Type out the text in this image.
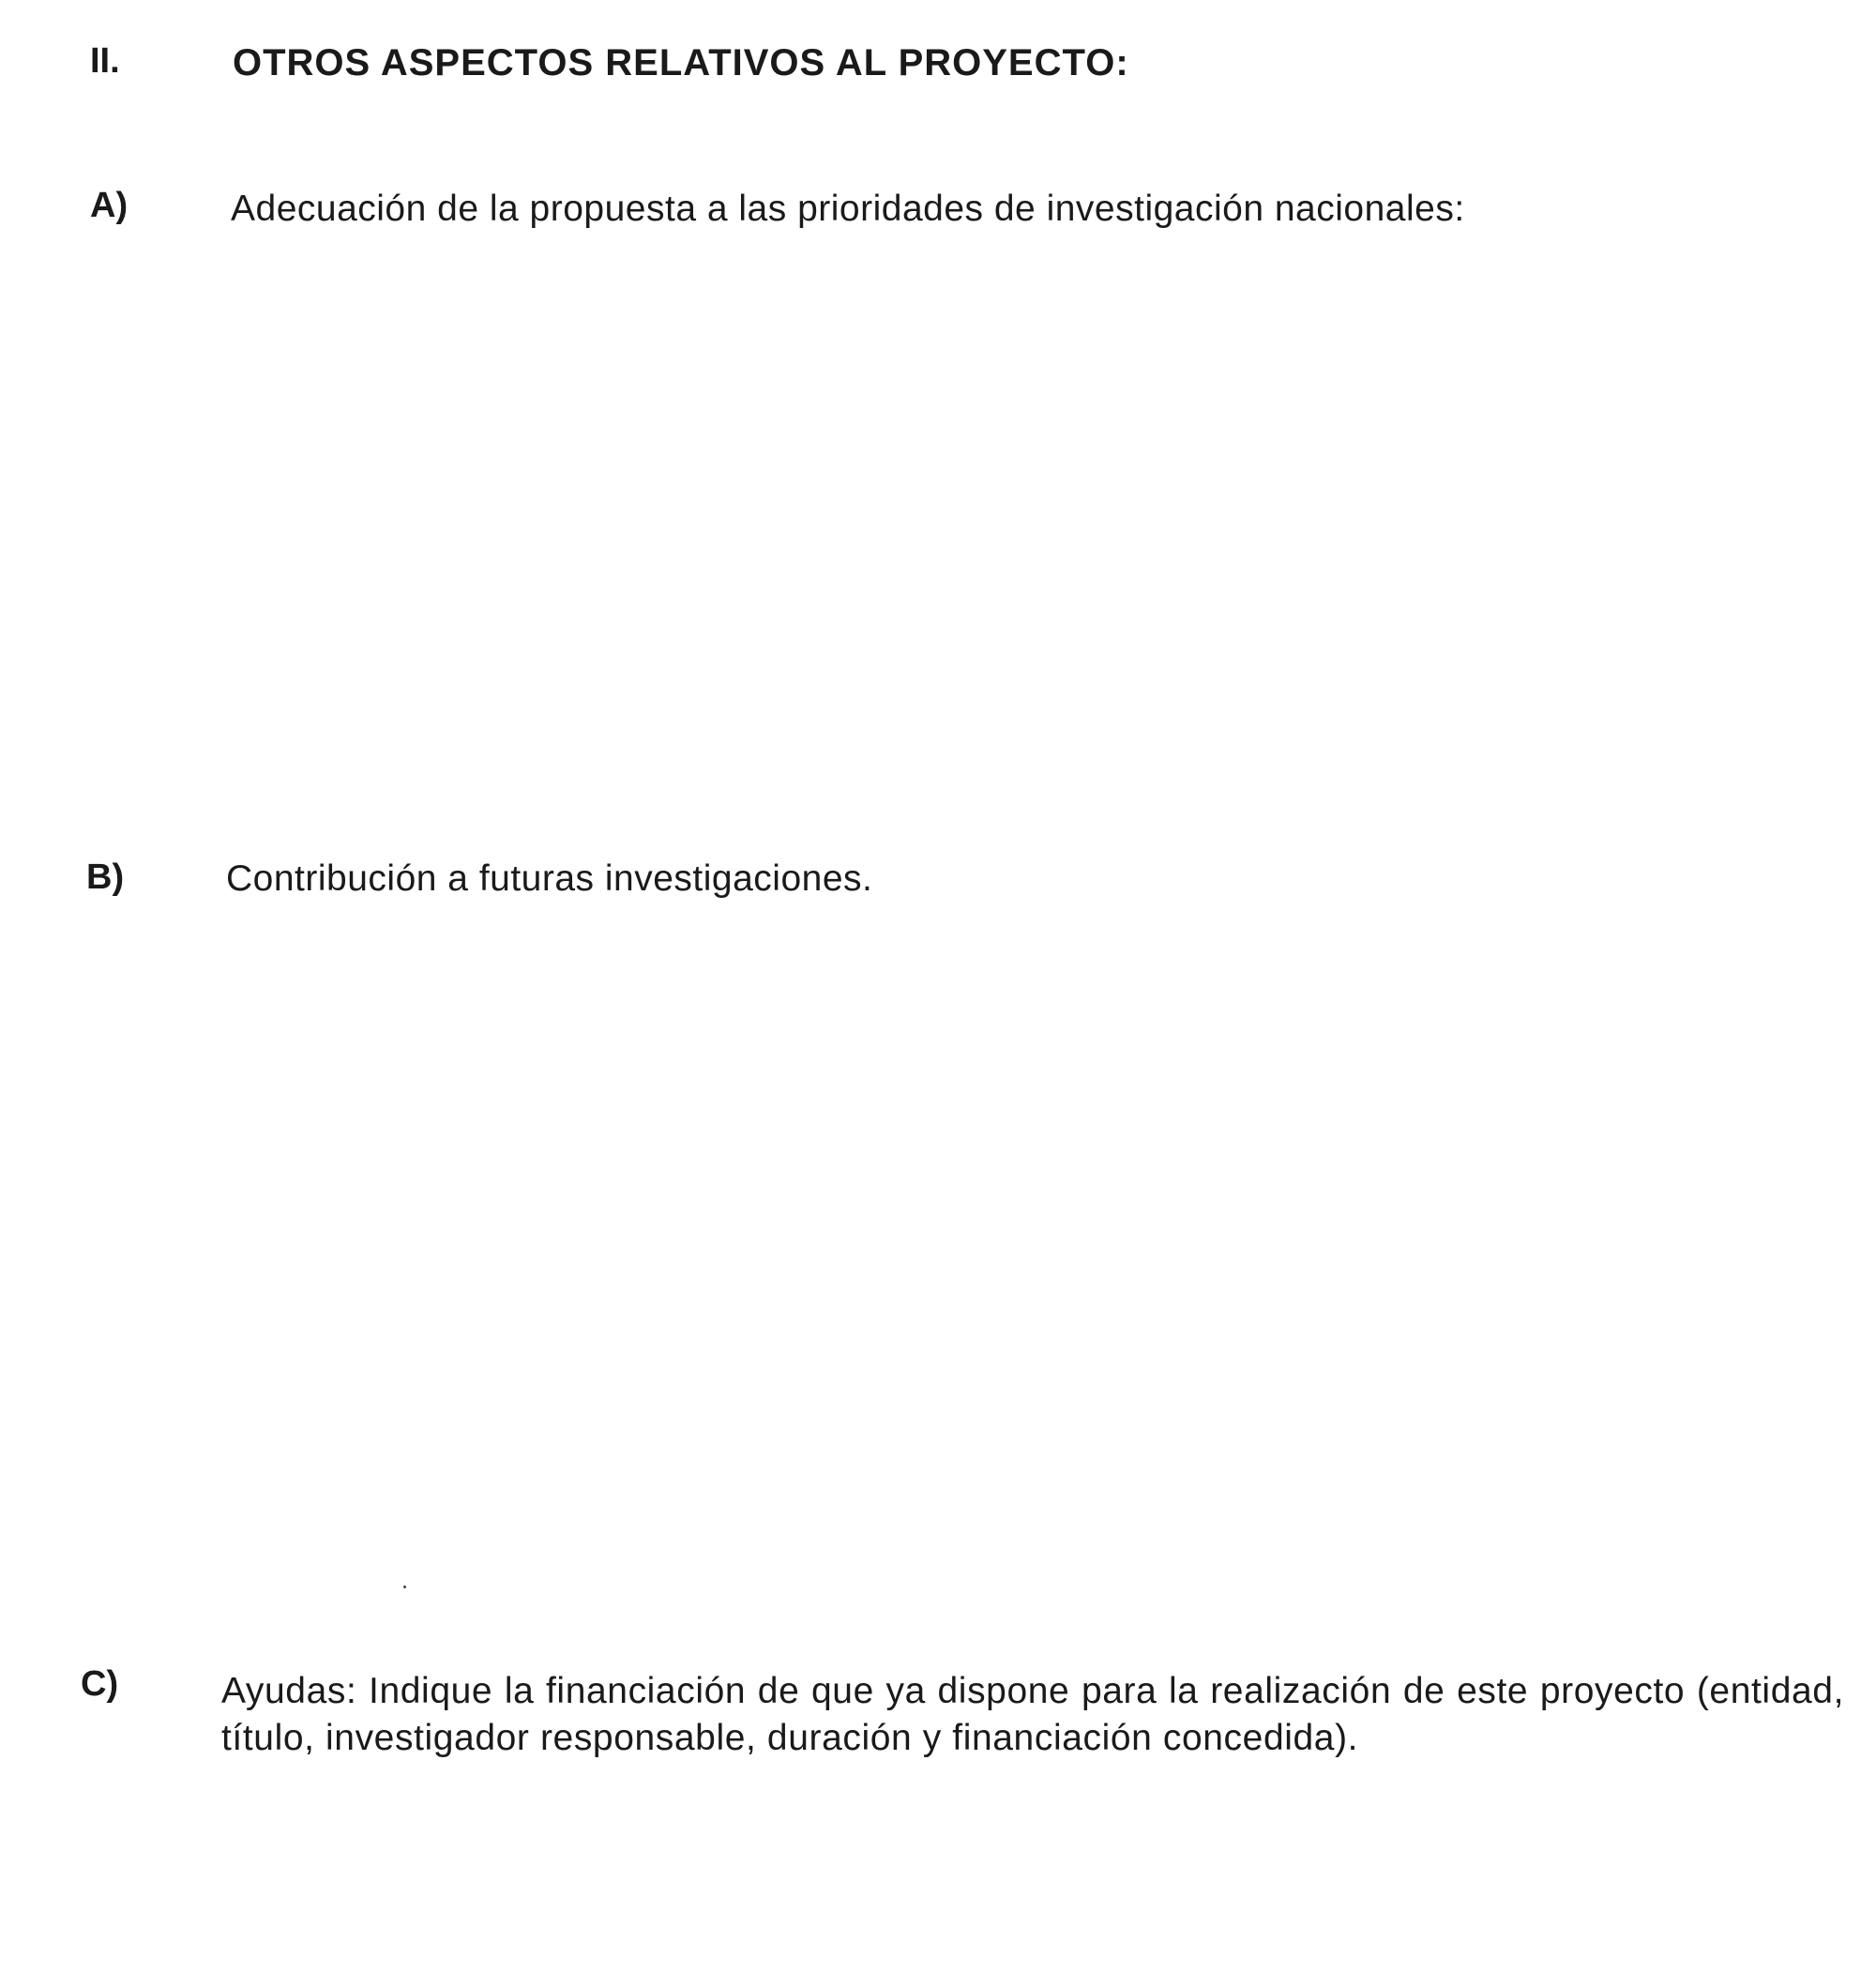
II.	OTROS ASPECTOS RELATIVOS AL PROYECTO:
A)	Adecuación de la propuesta a las prioridades de investigación nacionales:
B)	Contribución a futuras investigaciones.
C)	Ayudas: Indique la financiación de que ya dispone para la realización de este proyecto (entidad, título, investigador responsable, duración y financiación concedida).
